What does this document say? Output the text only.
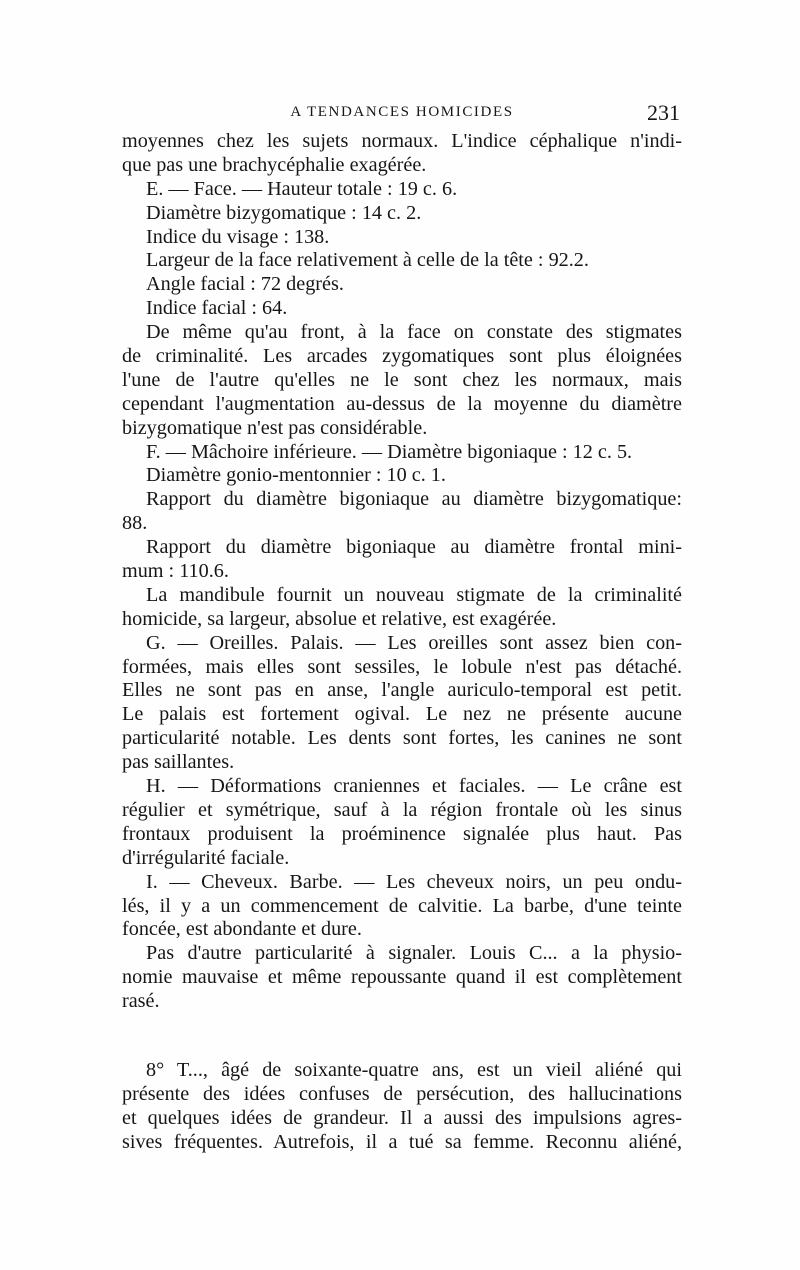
A TENDANCES HOMICIDES	231
moyennes chez les sujets normaux. L'indice céphalique n'indi-
que pas une brachycéphalie exagérée.
E. — Face. — Hauteur totale : 19 c. 6.
Diamètre bizygomatique : 14 c. 2.
Indice du visage : 138.
Largeur de la face relativement à celle de la tête : 92.2.
Angle facial : 72 degrés.
Indice facial : 64.
De même qu'au front, à la face on constate des stigmates
de criminalité. Les arcades zygomatiques sont plus éloignées
l'une de l'autre qu'elles ne le sont chez les normaux, mais
cependant l'augmentation au-dessus de la moyenne du diamètre
bizygomatique n'est pas considérable.
F. — Mâchoire inférieure. — Diamètre bigoniaque : 12 c. 5.
Diamètre gonio-mentonnier : 10 c. 1.
Rapport du diamètre bigoniaque au diamètre bizygomatique:
88.
Rapport du diamètre bigoniaque au diamètre frontal mini-
mum : 110.6.
La mandibule fournit un nouveau stigmate de la criminalité
homicide, sa largeur, absolue et relative, est exagérée.
G. — Oreilles. Palais. — Les oreilles sont assez bien con-
formées, mais elles sont sessiles, le lobule n'est pas détaché.
Elles ne sont pas en anse, l'angle auriculo-temporal est petit.
Le palais est fortement ogival. Le nez ne présente aucune
particularité notable. Les dents sont fortes, les canines ne sont
pas saillantes.
H. — Déformations craniennes et faciales. — Le crâne est
régulier et symétrique, sauf à la région frontale où les sinus
frontaux produisent la proéminence signalée plus haut. Pas
d'irrégularité faciale.
I. — Cheveux. Barbe. — Les cheveux noirs, un peu ondu-
lés, il y a un commencement de calvitie. La barbe, d'une teinte
foncée, est abondante et dure.
Pas d'autre particularité à signaler. Louis C... a la physio-
nomie mauvaise et même repoussante quand il est complètement
rasé.
8° T..., âgé de soixante-quatre ans, est un vieil aliéné qui
présente des idées confuses de persécution, des hallucinations
et quelques idées de grandeur. Il a aussi des impulsions agres-
sives fréquentes. Autrefois, il a tué sa femme. Reconnu aliéné,
